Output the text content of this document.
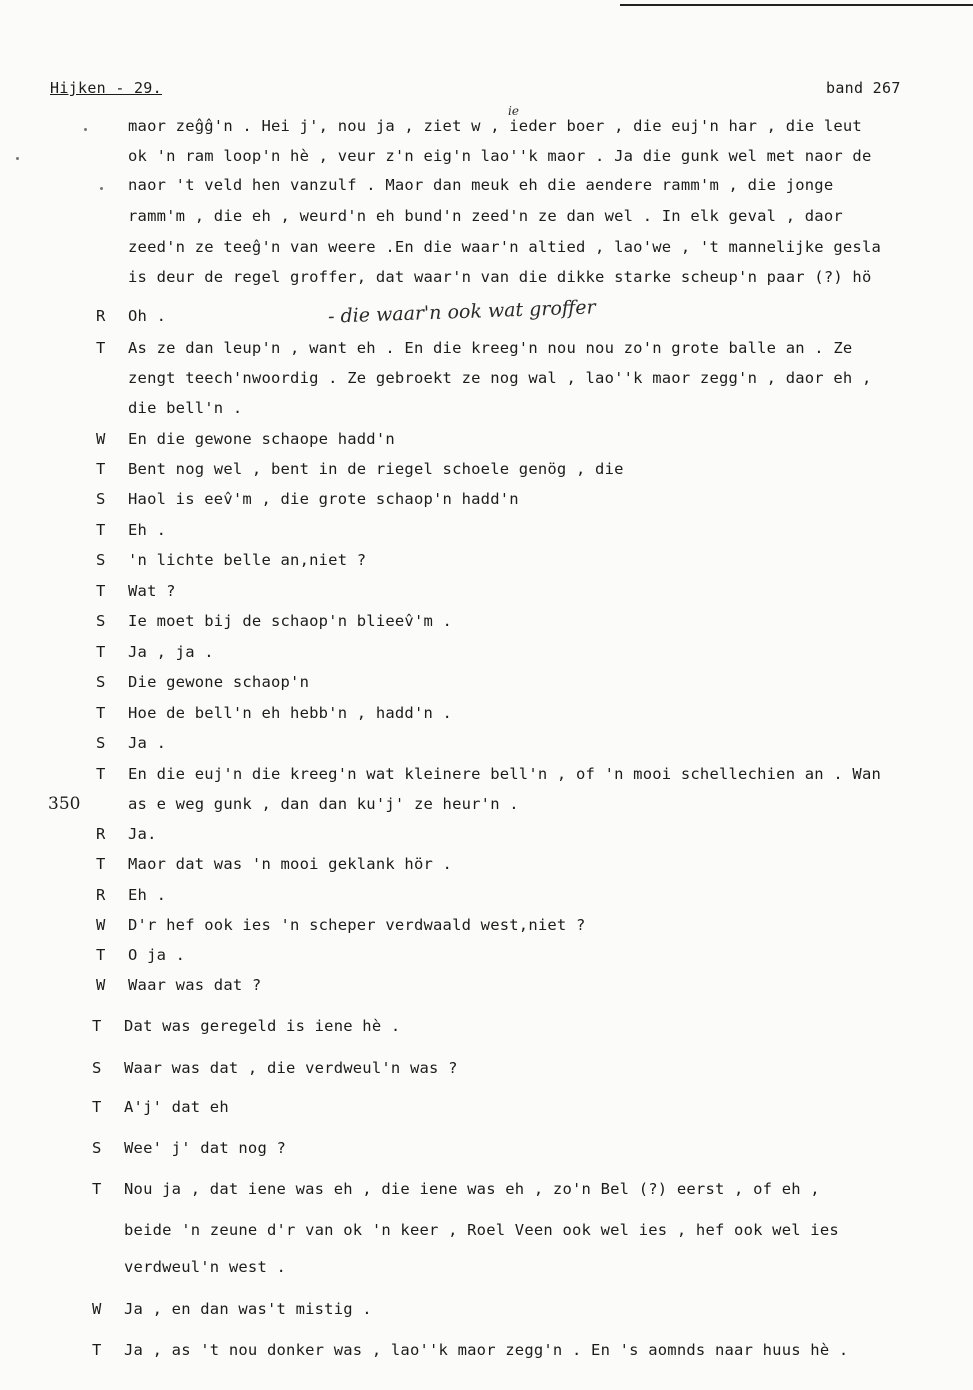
Hijken - 29.	band 267
350
- die waar'n ook wat groffer
ie
maor zeĝĝ'n . Hei j', nou ja , ziet w , ieder boer , die euj'n har , die leut
ok 'n ram loop'n hè , veur z'n eig'n lao''k maor . Ja die gunk wel met naor de
naor 't veld hen vanzulf . Maor dan meuk eh die aendere ramm'm , die jonge
ramm'm , die eh , weurd'n eh bund'n zeed'n ze dan wel . In elk geval , daor
zeed'n ze teeĝ'n van weere .En die waar'n altied , lao'we , 't mannelijke gesla
is deur de regel groffer, dat waar'n van die dikke starke scheup'n paar (?) hö
R Oh .
T As ze dan leup'n , want eh . En die kreeg'n nou nou zo'n grote balle an . Ze
zengt teech'nwoordig . Ze gebroekt ze nog wal , lao''k maor zegg'n , daor eh ,
die bell'n .
W En die gewone schaope hadd'n
T Bent nog wel , bent in de riegel schoele genög , die
S Haol is eev̂'m , die grote schaop'n hadd'n
T Eh .
S 'n lichte belle an,niet ?
T Wat ?
S Ie moet bij de schaop'n blieev̂'m .
T Ja , ja .
S Die gewone schaop'n
T Hoe de bell'n eh hebb'n , hadd'n .
S Ja .
T En die euj'n die kreeg'n wat kleinere bell'n , of 'n mooi schellechien an . Wan
as e weg gunk , dan dan ku'j' ze heur'n .
R Ja.
T Maor dat was 'n mooi geklank hör .
R Eh .
W D'r hef ook ies 'n scheper verdwaald west,niet ?
T O ja .
W Waar was dat ?
T Dat was geregeld is iene hè .
S Waar was dat , die verdweul'n was ?
T A'j' dat eh
S Wee' j' dat nog ?
T Nou ja , dat iene was eh , die iene was eh , zo'n Bel (?) eerst , of eh ,
beide 'n zeune d'r van ok 'n keer , Roel Veen ook wel ies , hef ook wel ies
verdweul'n west .
W Ja , en dan was't mistig .
T Ja , as 't nou donker was , lao''k maor zegg'n . En 's aomnds naar huus hè .
